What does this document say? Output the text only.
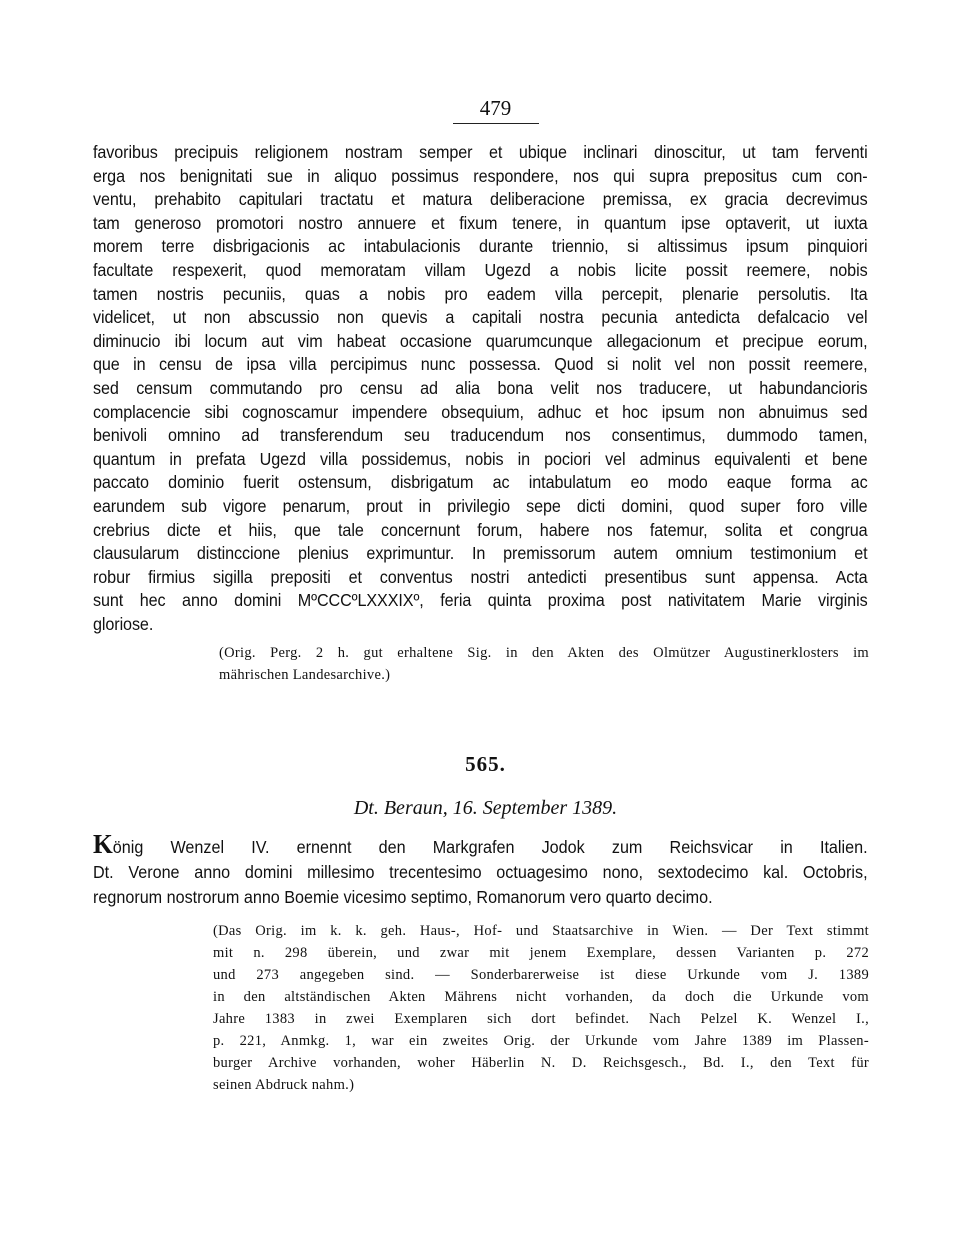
479

favoribus precipuis religionem nostram semper et ubique inclinari dinoscitur, ut tam ferventi

erga nos benignitati sue in aliquo possimus respondere, nos qui supra prepositus cum con-

ventu, prehabito capitulari tractatu et matura deliberacione premissa, ex gracia decrevimus

tam generoso promotori nostro annuere et fixum tenere, in quantum ipse optaverit, ut iuxta

morem terre disbrigacionis ac intabulacionis durante triennio, si altissimus ipsum pinquiori

facultate respexerit, quod memoratam villam Ugezd a nobis licite possit reemere, nobis

tamen nostris pecuniis, quas a nobis pro eadem villa percepit, plenarie persolutis. Ita

videlicet, ut non abscussio non quevis a capitali nostra pecunia antedicta defalcacio vel

diminucio ibi locum aut vim habeat occasione quarumcunque allegacionum et precipue eorum,

que in censu de ipsa villa percipimus nunc possessa. Quod si nolit vel non possit reemere,

sed censum commutando pro censu ad alia bona velit nos traducere, ut habundancioris

complacencie sibi cognoscamur impendere obsequium, adhuc et hoc ipsum non abnuimus sed

benivoli omnino ad transferendum seu traducendum nos consentimus, dummodo tamen,

quantum in prefata Ugezd villa possidemus, nobis in pociori vel adminus equivalenti et bene

paccato dominio fuerit ostensum, disbrigatum ac intabulatum eo modo eaque forma ac

earundem sub vigore penarum, prout in privilegio sepe dicti domini, quod super foro ville

crebrius dicte et hiis, que tale concernunt forum, habere nos fatemur, solita et congrua

clausularum distinccione plenius exprimuntur. In premissorum autem omnium testimonium et

robur firmius sigilla prepositi et conventus nostri antedicti presentibus sunt appensa. Acta

sunt hec anno domini MºCCCºLXXXIXº, feria quinta proxima post nativitatem Marie virginis

gloriose.

(Orig. Perg. 2 h. gut erhaltene Sig. in den Akten des Olmützer Augustinerklosters im
mährischen Landesarchive.)
565.
Dt. Beraun, 16. September 1389.
König Wenzel IV. ernennt den Markgrafen Jodok zum Reichsvicar in Italien.
Dt. Verone anno domini millesimo trecentesimo octuagesimo nono, sextodecimo kal. Octobris,
regnorum nostrorum anno Boemie vicesimo septimo, Romanorum vero quarto decimo.
(Das Orig. im k. k. geh. Haus-, Hof- und Staatsarchive in Wien. — Der Text stimmt
mit n. 298 überein, und zwar mit jenem Exemplare, dessen Varianten p. 272
und 273 angegeben sind. — Sonderbarerweise ist diese Urkunde vom J. 1389
in den altständischen Akten Mährens nicht vorhanden, da doch die Urkunde vom
Jahre 1383 in zwei Exemplaren sich dort befindet. Nach Pelzel K. Wenzel I.,
p. 221, Anmkg. 1, war ein zweites Orig. der Urkunde vom Jahre 1389 im Plassen-
burger Archive vorhanden, woher Häberlin N. D. Reichsgesch., Bd. I., den Text für
seinen Abdruck nahm.)
